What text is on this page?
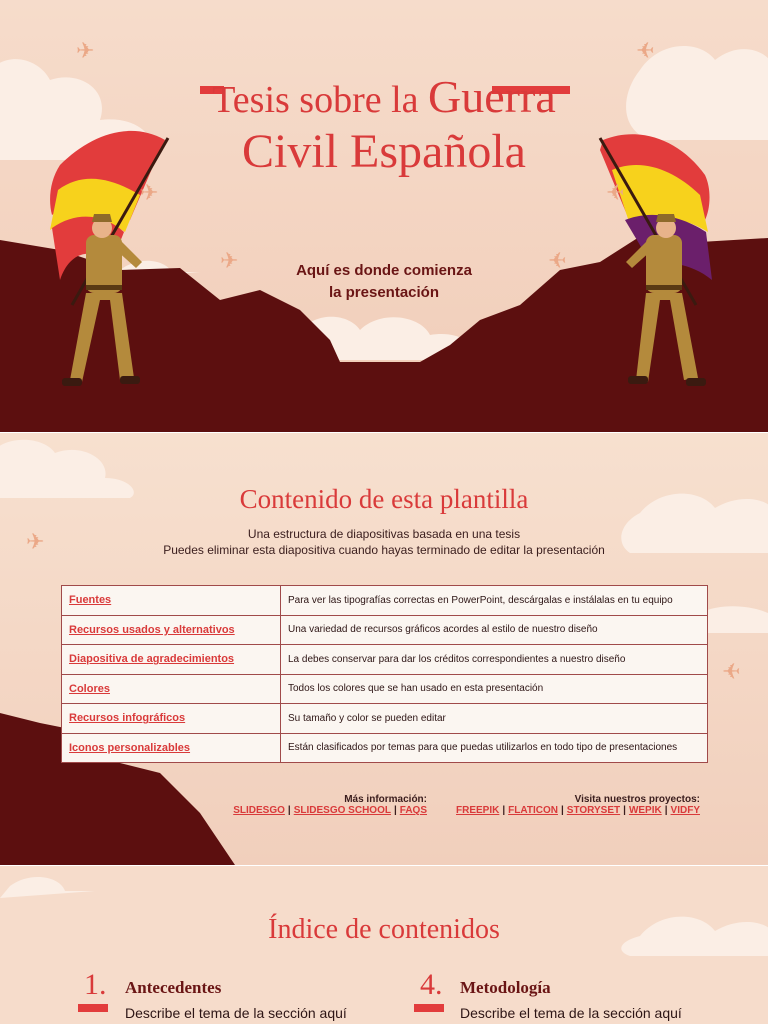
✈	✈
✈
✈	✈
✈
Tesis sobre la Guerra
Civil Española
Aquí es donde comienza
la presentación
✈
✈
Contenido de esta plantilla
Una estructura de diapositivas basada en una tesis
Puedes eliminar esta diapositiva cuando hayas terminado de editar la presentación
Fuentes	Para ver las tipografías correctas en PowerPoint, descárgalas e instálalas en tu equipo
Recursos usados y alternativos	Una variedad de recursos gráficos acordes al estilo de nuestro diseño
Diapositiva de agradecimientos	La debes conservar para dar los créditos correspondientes a nuestro diseño
Colores	Todos los colores que se han usado en esta presentación
Recursos infográficos	Su tamaño y color se pueden editar
Iconos personalizables	Están clasificados por temas para que puedas utilizarlos en todo tipo de presentaciones
Más información:
SLIDESGO | SLIDESGO SCHOOL | FAQS
Visita nuestros proyectos:
FREEPIK | FLATICON | STORYSET | WEPIK | VIDFY
Índice de contenidos
1. Antecedentes
Describe el tema de la sección aquí
4. Metodología
Describe el tema de la sección aquí
